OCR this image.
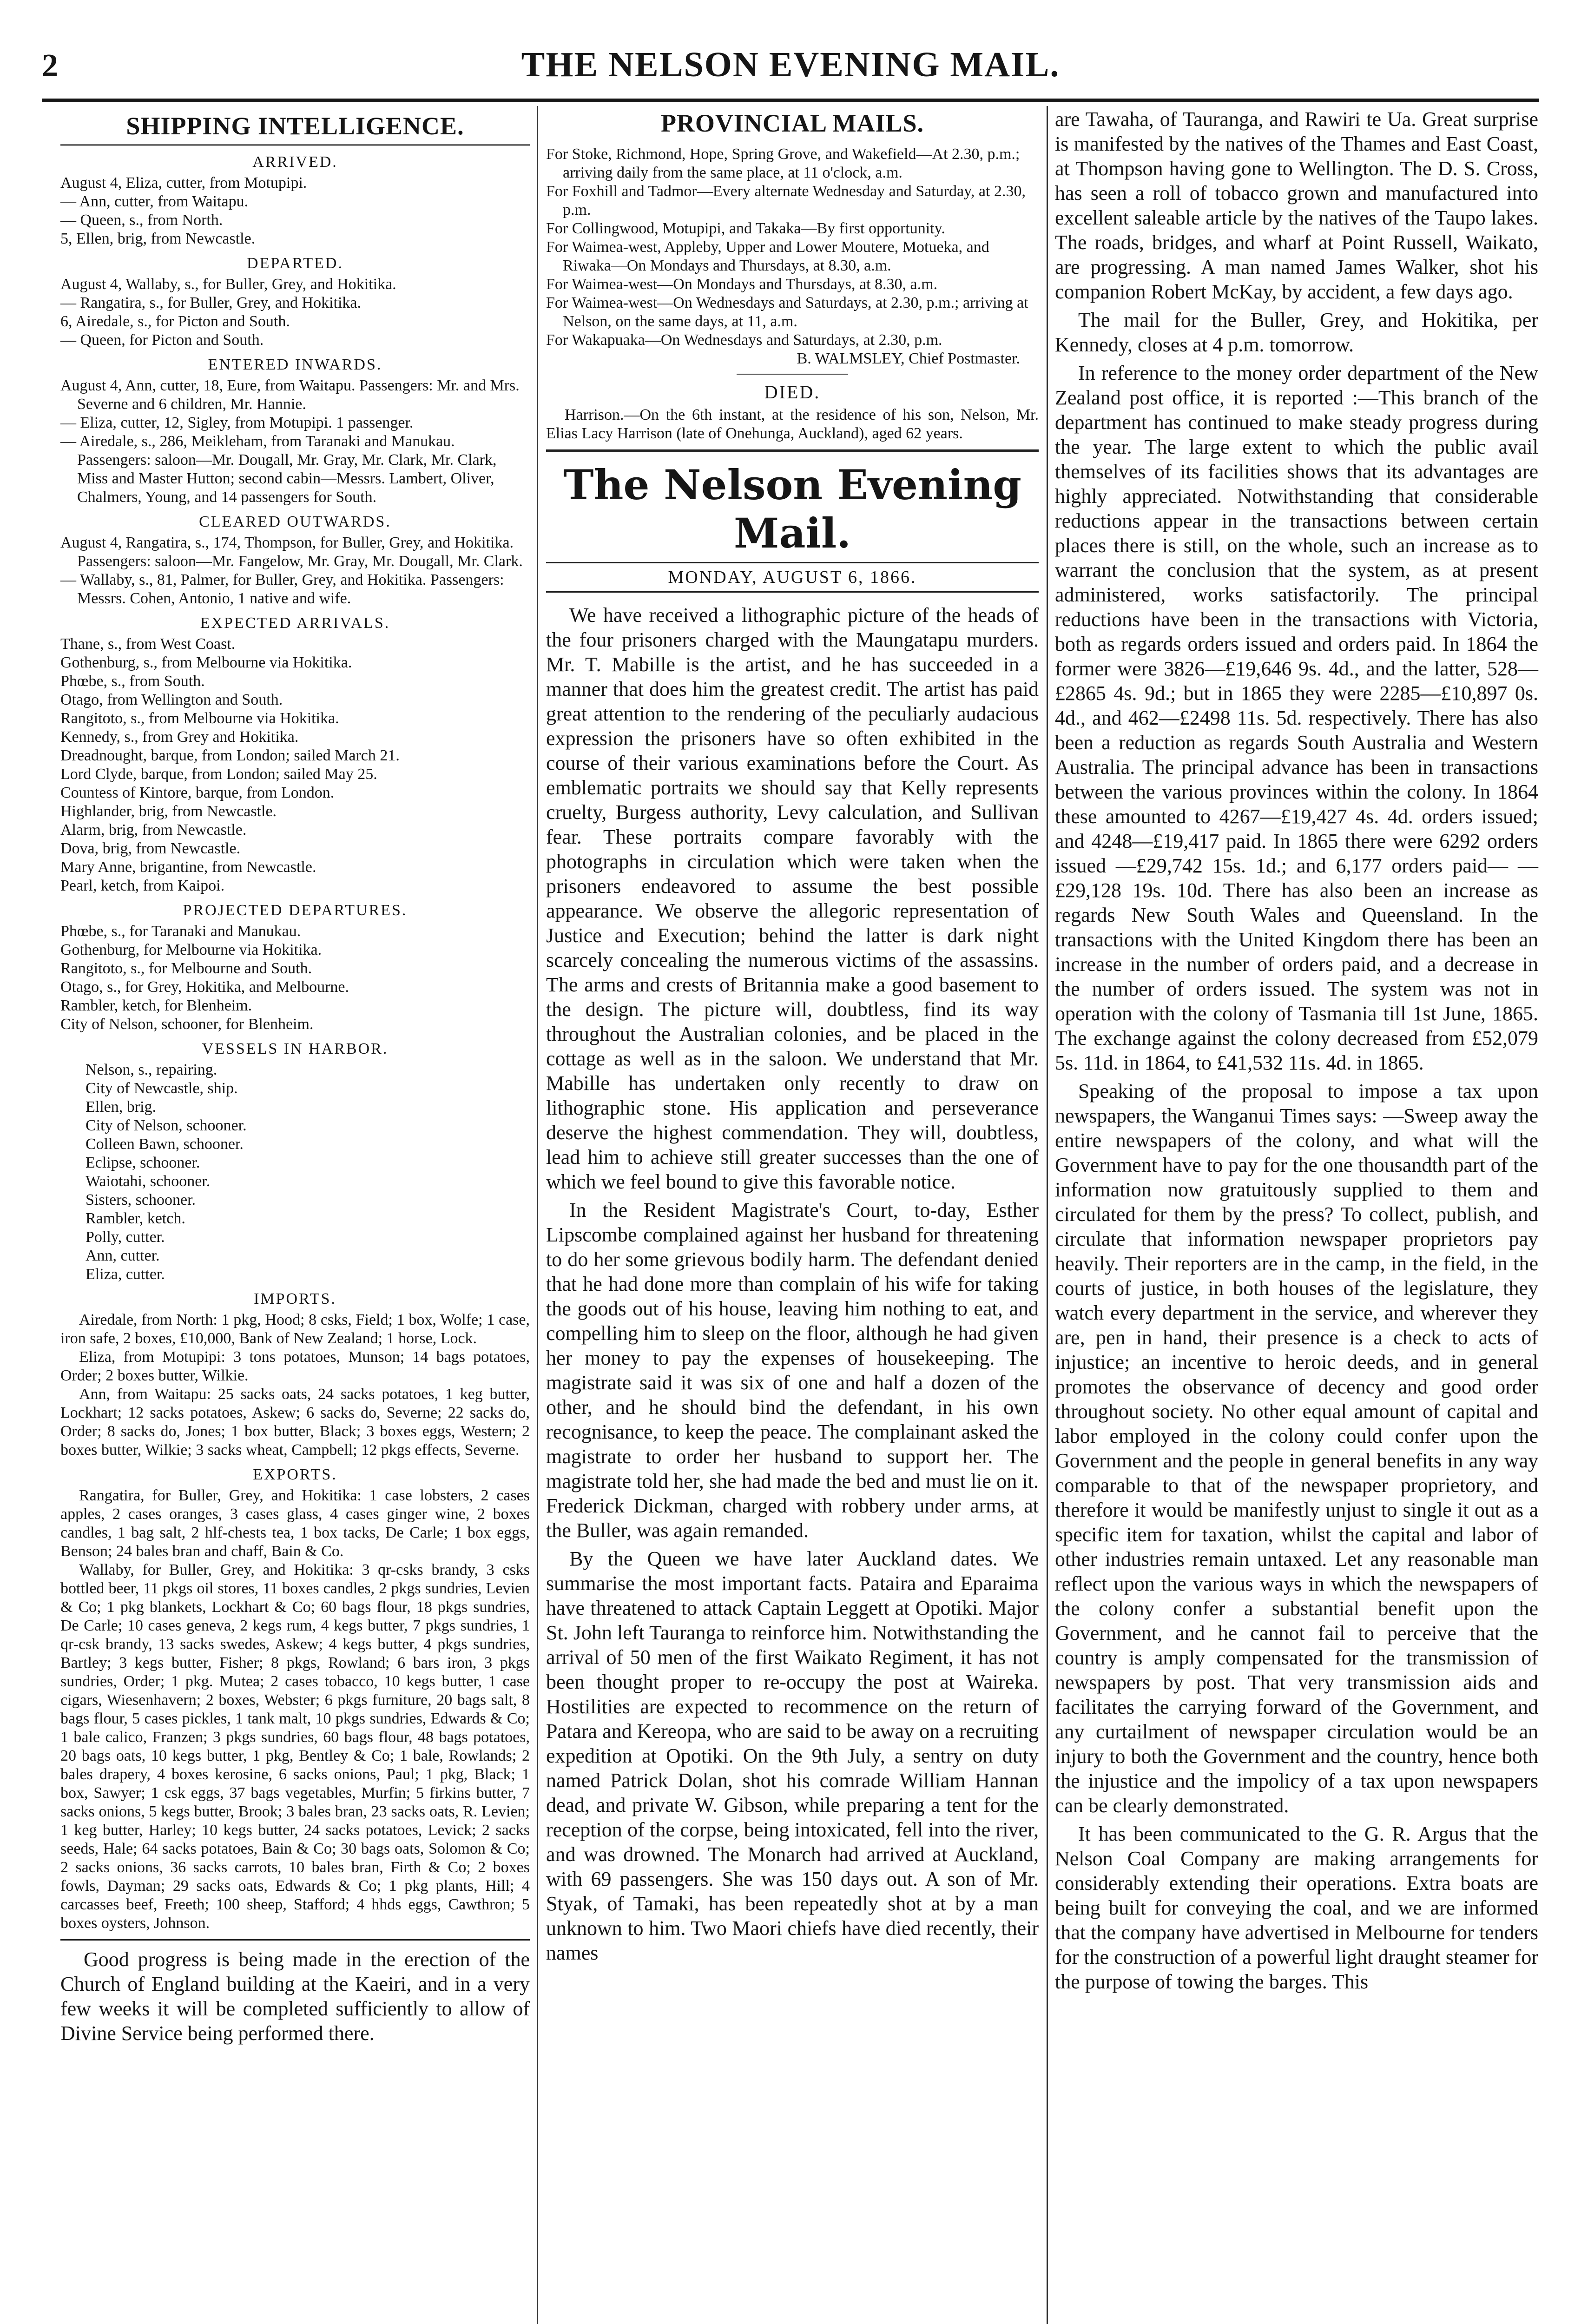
2	THE NELSON EVENING MAIL.
SHIPPING INTELLIGENCE.
ARRIVED.

August 4, Eliza, cutter, from Motupipi.

— Ann, cutter, from Waitapu.

— Queen, s., from North.

5, Ellen, brig, from Newcastle.

DEPARTED.

August 4, Wallaby, s., for Buller, Grey, and Hokitika.

— Rangatira, s., for Buller, Grey, and Hokitika.

6, Airedale, s., for Picton and South.

— Queen, for Picton and South.

ENTERED INWARDS.

August 4, Ann, cutter, 18, Eure, from Waitapu. Passengers: Mr. and Mrs. Severne and 6 children, Mr. Hannie.

— Eliza, cutter, 12, Sigley, from Motupipi. 1 passenger.

— Airedale, s., 286, Meikleham, from Taranaki and Manukau. Passengers: saloon—Mr. Dougall, Mr. Gray, Mr. Clark, Mr. Clark, Miss and Master Hutton; second cabin—Messrs. Lambert, Oliver, Chalmers, Young, and 14 passengers for South.

CLEARED OUTWARDS.

August 4, Rangatira, s., 174, Thompson, for Buller, Grey, and Hokitika. Passengers: saloon—Mr. Fangelow, Mr. Gray, Mr. Dougall, Mr. Clark.

— Wallaby, s., 81, Palmer, for Buller, Grey, and Hokitika. Passengers: Messrs. Cohen, Antonio, 1 native and wife.

EXPECTED ARRIVALS.

Thane, s., from West Coast.

Gothenburg, s., from Melbourne via Hokitika.

Phœbe, s., from South.

Otago, from Wellington and South.

Rangitoto, s., from Melbourne via Hokitika.

Kennedy, s., from Grey and Hokitika.

Dreadnought, barque, from London; sailed March 21.

Lord Clyde, barque, from London; sailed May 25.

Countess of Kintore, barque, from London.

Highlander, brig, from Newcastle.

Alarm, brig, from Newcastle.

Dova, brig, from Newcastle.

Mary Anne, brigantine, from Newcastle.

Pearl, ketch, from Kaipoi.

PROJECTED DEPARTURES.

Phœbe, s., for Taranaki and Manukau.

Gothenburg, for Melbourne via Hokitika.

Rangitoto, s., for Melbourne and South.

Otago, s., for Grey, Hokitika, and Melbourne.

Rambler, ketch, for Blenheim.

City of Nelson, schooner, for Blenheim.

VESSELS IN HARBOR.

Nelson, s., repairing.

City of Newcastle, ship.

Ellen, brig.

City of Nelson, schooner.

Colleen Bawn, schooner.

Eclipse, schooner.

Waiotahi, schooner.

Sisters, schooner.

Rambler, ketch.

Polly, cutter.

Ann, cutter.

Eliza, cutter.

IMPORTS.

Airedale, from North: 1 pkg, Hood; 8 csks, Field; 1 box, Wolfe; 1 case, iron safe, 2 boxes, £10,000, Bank of New Zealand; 1 horse, Lock.

Eliza, from Motupipi: 3 tons potatoes, Munson; 14 bags potatoes, Order; 2 boxes butter, Wilkie.

Ann, from Waitapu: 25 sacks oats, 24 sacks potatoes, 1 keg butter, Lockhart; 12 sacks potatoes, Askew; 6 sacks do, Severne; 22 sacks do, Order; 8 sacks do, Jones; 1 box butter, Black; 3 boxes eggs, Western; 2 boxes butter, Wilkie; 3 sacks wheat, Campbell; 12 pkgs effects, Severne.

EXPORTS.

Rangatira, for Buller, Grey, and Hokitika: 1 case lobsters, 2 cases apples, 2 cases oranges, 3 cases glass, 4 cases ginger wine, 2 boxes candles, 1 bag salt, 2 hlf-chests tea, 1 box tacks, De Carle; 1 box eggs, Benson; 24 bales bran and chaff, Bain & Co.

Wallaby, for Buller, Grey, and Hokitika: 3 qr-csks brandy, 3 csks bottled beer, 11 pkgs oil stores, 11 boxes candles, 2 pkgs sundries, Levien & Co; 1 pkg blankets, Lockhart & Co; 60 bags flour, 18 pkgs sundries, De Carle; 10 cases geneva, 2 kegs rum, 4 kegs butter, 7 pkgs sundries, 1 qr-csk brandy, 13 sacks swedes, Askew; 4 kegs butter, 4 pkgs sundries, Bartley; 3 kegs butter, Fisher; 8 pkgs, Rowland; 6 bars iron, 3 pkgs sundries, Order; 1 pkg. Mutea; 2 cases tobacco, 10 kegs butter, 1 case cigars, Wiesenhavern; 2 boxes, Webster; 6 pkgs furniture, 20 bags salt, 8 bags flour, 5 cases pickles, 1 tank malt, 10 pkgs sundries, Edwards & Co; 1 bale calico, Franzen; 3 pkgs sundries, 60 bags flour, 48 bags potatoes, 20 bags oats, 10 kegs butter, 1 pkg, Bentley & Co; 1 bale, Rowlands; 2 bales drapery, 4 boxes kerosine, 6 sacks onions, Paul; 1 pkg, Black; 1 box, Sawyer; 1 csk eggs, 37 bags vegetables, Murfin; 5 firkins butter, 7 sacks onions, 5 kegs butter, Brook; 3 bales bran, 23 sacks oats, R. Levien; 1 keg butter, Harley; 10 kegs butter, 24 sacks potatoes, Levick; 2 sacks seeds, Hale; 64 sacks potatoes, Bain & Co; 30 bags oats, Solomon & Co; 2 sacks onions, 36 sacks carrots, 10 bales bran, Firth & Co; 2 boxes fowls, Dayman; 29 sacks oats, Edwards & Co; 1 pkg plants, Hill; 4 carcasses beef, Freeth; 100 sheep, Stafford; 4 hhds eggs, Cawthron; 5 boxes oysters, Johnson.

Good progress is being made in the erection of the Church of England building at the Kaeiri, and in a very few weeks it will be completed sufficiently to allow of Divine Service being performed there.

PROVINCIAL MAILS.

For Stoke, Richmond, Hope, Spring Grove, and Wakefield—At 2.30, p.m.; arriving daily from the same place, at 11 o'clock, a.m.

For Foxhill and Tadmor—Every alternate Wednesday and Saturday, at 2.30, p.m.

For Collingwood, Motupipi, and Takaka—By first opportunity.

For Waimea-west, Appleby, Upper and Lower Moutere, Motueka, and Riwaka—On Mondays and Thursdays, at 8.30, a.m.

For Waimea-west—On Mondays and Thursdays, at 8.30, a.m.

For Waimea-west—On Wednesdays and Saturdays, at 2.30, p.m.; arriving at Nelson, on the same days, at 11, a.m.

For Wakapuaka—On Wednesdays and Saturdays, at 2.30, p.m.

B. WALMSLEY, Chief Postmaster.

DIED.

Harrison.—On the 6th instant, at the residence of his son, Nelson, Mr. Elias Lacy Harrison (late of Onehunga, Auckland), aged 62 years.

The Nelson Evening Mail.
MONDAY, AUGUST 6, 1866.

We have received a lithographic picture of the heads of the four prisoners charged with the Maungatapu murders. Mr. T. Mabille is the artist, and he has succeeded in a manner that does him the greatest credit. The artist has paid great attention to the rendering of the peculiarly audacious expression the prisoners have so often exhibited in the course of their various examinations before the Court. As emblematic portraits we should say that Kelly represents cruelty, Burgess authority, Levy calculation, and Sullivan fear. These portraits compare favorably with the photographs in circulation which were taken when the prisoners endeavored to assume the best possible appearance. We observe the allegoric representation of Justice and Execution; behind the latter is dark night scarcely concealing the numerous victims of the assassins. The arms and crests of Britannia make a good basement to the design. The picture will, doubtless, find its way throughout the Australian colonies, and be placed in the cottage as well as in the saloon. We understand that Mr. Mabille has undertaken only recently to draw on lithographic stone. His application and perseverance deserve the highest commendation. They will, doubtless, lead him to achieve still greater successes than the one of which we feel bound to give this favorable notice.

In the Resident Magistrate's Court, to-day, Esther Lipscombe complained against her husband for threatening to do her some grievous bodily harm. The defendant denied that he had done more than complain of his wife for taking the goods out of his house, leaving him nothing to eat, and compelling him to sleep on the floor, although he had given her money to pay the expenses of housekeeping. The magistrate said it was six of one and half a dozen of the other, and he should bind the defendant, in his own recognisance, to keep the peace. The complainant asked the magistrate to order her husband to support her. The magistrate told her, she had made the bed and must lie on it. Frederick Dickman, charged with robbery under arms, at the Buller, was again remanded.

By the Queen we have later Auckland dates. We summarise the most important facts. Pataira and Eparaima have threatened to attack Captain Leggett at Opotiki. Major St. John left Tauranga to reinforce him. Notwithstanding the arrival of 50 men of the first Waikato Regiment, it has not been thought proper to re-occupy the post at Waireka. Hostilities are expected to recommence on the return of Patara and Kereopa, who are said to be away on a recruiting expedition at Opotiki. On the 9th July, a sentry on duty named Patrick Dolan, shot his comrade William Hannan dead, and private W. Gibson, while preparing a tent for the reception of the corpse, being intoxicated, fell into the river, and was drowned. The Monarch had arrived at Auckland, with 69 passengers. She was 150 days out. A son of Mr. Styak, of Tamaki, has been repeatedly shot at by a man unknown to him. Two Maori chiefs have died recently, their names

are Tawaha, of Tauranga, and Rawiri te Ua. Great surprise is manifested by the natives of the Thames and East Coast, at Thompson having gone to Wellington. The D. S. Cross, has seen a roll of tobacco grown and manufactured into excellent saleable article by the natives of the Taupo lakes. The roads, bridges, and wharf at Point Russell, Waikato, are progressing. A man named James Walker, shot his companion Robert McKay, by accident, a few days ago.

The mail for the Buller, Grey, and Hokitika, per Kennedy, closes at 4 p.m. tomorrow.

In reference to the money order department of the New Zealand post office, it is reported :—This branch of the department has continued to make steady progress during the year. The large extent to which the public avail themselves of its facilities shows that its advantages are highly appreciated. Notwithstanding that considerable reductions appear in the transactions between certain places there is still, on the whole, such an increase as to warrant the conclusion that the system, as at present administered, works satisfactorily. The principal reductions have been in the transactions with Victoria, both as regards orders issued and orders paid. In 1864 the former were 3826—£19,646 9s. 4d., and the latter, 528—£2865 4s. 9d.; but in 1865 they were 2285—£10,897 0s. 4d., and 462—£2498 11s. 5d. respectively. There has also been a reduction as regards South Australia and Western Australia. The principal advance has been in transactions between the various provinces within the colony. In 1864 these amounted to 4267—£19,427 4s. 4d. orders issued; and 4248—£19,417 paid. In 1865 there were 6292 orders issued —£29,742 15s. 1d.; and 6,177 orders paid— —£29,128 19s. 10d. There has also been an increase as regards New South Wales and Queensland. In the transactions with the United Kingdom there has been an increase in the number of orders paid, and a decrease in the number of orders issued. The system was not in operation with the colony of Tasmania till 1st June, 1865. The exchange against the colony decreased from £52,079 5s. 11d. in 1864, to £41,532 11s. 4d. in 1865.

Speaking of the proposal to impose a tax upon newspapers, the Wanganui Times says: —Sweep away the entire newspapers of the colony, and what will the Government have to pay for the one thousandth part of the information now gratuitously supplied to them and circulated for them by the press? To collect, publish, and circulate that information newspaper proprietors pay heavily. Their reporters are in the camp, in the field, in the courts of justice, in both houses of the legislature, they watch every department in the service, and wherever they are, pen in hand, their presence is a check to acts of injustice; an incentive to heroic deeds, and in general promotes the observance of decency and good order throughout society. No other equal amount of capital and labor employed in the colony could confer upon the Government and the people in general benefits in any way comparable to that of the newspaper proprietory, and therefore it would be manifestly unjust to single it out as a specific item for taxation, whilst the capital and labor of other industries remain untaxed. Let any reasonable man reflect upon the various ways in which the newspapers of the colony confer a substantial benefit upon the Government, and he cannot fail to perceive that the country is amply compensated for the transmission of newspapers by post. That very transmission aids and facilitates the carrying forward of the Government, and any curtailment of newspaper circulation would be an injury to both the Government and the country, hence both the injustice and the impolicy of a tax upon newspapers can be clearly demonstrated.

It has been communicated to the G. R. Argus that the Nelson Coal Company are making arrangements for considerably extending their operations. Extra boats are being built for conveying the coal, and we are informed that the company have advertised in Melbourne for tenders for the construction of a powerful light draught steamer for the purpose of towing the barges. This
